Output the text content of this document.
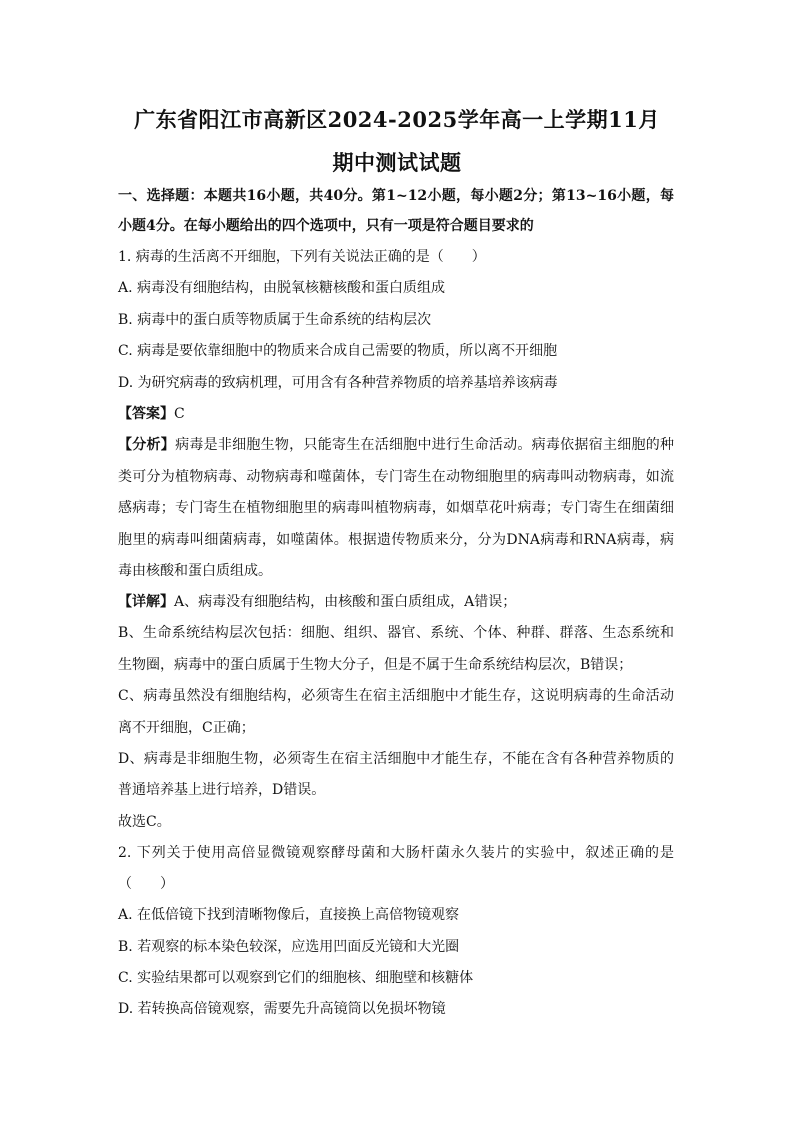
广东省阳江市高新区2024-2025学年高一上学期11月
期中测试试题
一、选择题：本题共16小题，共40分。第1~12小题，每小题2分；第13~16小题，每
小题4分。在每小题给出的四个选项中，只有一项是符合题目要求的
1. 病毒的生活离不开细胞，下列有关说法正确的是（　　）
A. 病毒没有细胞结构，由脱氧核糖核酸和蛋白质组成
B. 病毒中的蛋白质等物质属于生命系统的结构层次
C. 病毒是要依靠细胞中的物质来合成自己需要的物质，所以离不开细胞
D. 为研究病毒的致病机理，可用含有各种营养物质的培养基培养该病毒
【答案】C
【分析】病毒是非细胞生物，只能寄生在活细胞中进行生命活动。病毒依据宿主细胞的种
类可分为植物病毒、动物病毒和噬菌体，专门寄生在动物细胞里的病毒叫动物病毒，如流
感病毒；专门寄生在植物细胞里的病毒叫植物病毒，如烟草花叶病毒；专门寄生在细菌细
胞里的病毒叫细菌病毒，如噬菌体。根据遗传物质来分，分为DNA病毒和RNA病毒，病
毒由核酸和蛋白质组成。
【详解】A、病毒没有细胞结构，由核酸和蛋白质组成，A错误；
B、生命系统结构层次包括：细胞、组织、器官、系统、个体、种群、群落、生态系统和
生物圈，病毒中的蛋白质属于生物大分子，但是不属于生命系统结构层次，B错误；
C、病毒虽然没有细胞结构，必须寄生在宿主活细胞中才能生存，这说明病毒的生命活动
离不开细胞，C正确；
D、病毒是非细胞生物，必须寄生在宿主活细胞中才能生存，不能在含有各种营养物质的
普通培养基上进行培养，D错误。
故选C。
2. 下列关于使用高倍显微镜观察酵母菌和大肠杆菌永久装片的实验中，叙述正确的是
（　　）
A. 在低倍镜下找到清晰物像后，直接换上高倍物镜观察
B. 若观察的标本染色较深，应选用凹面反光镜和大光圈
C. 实验结果都可以观察到它们的细胞核、细胞壁和核糖体
D. 若转换高倍镜观察，需要先升高镜筒以免损坏物镜
